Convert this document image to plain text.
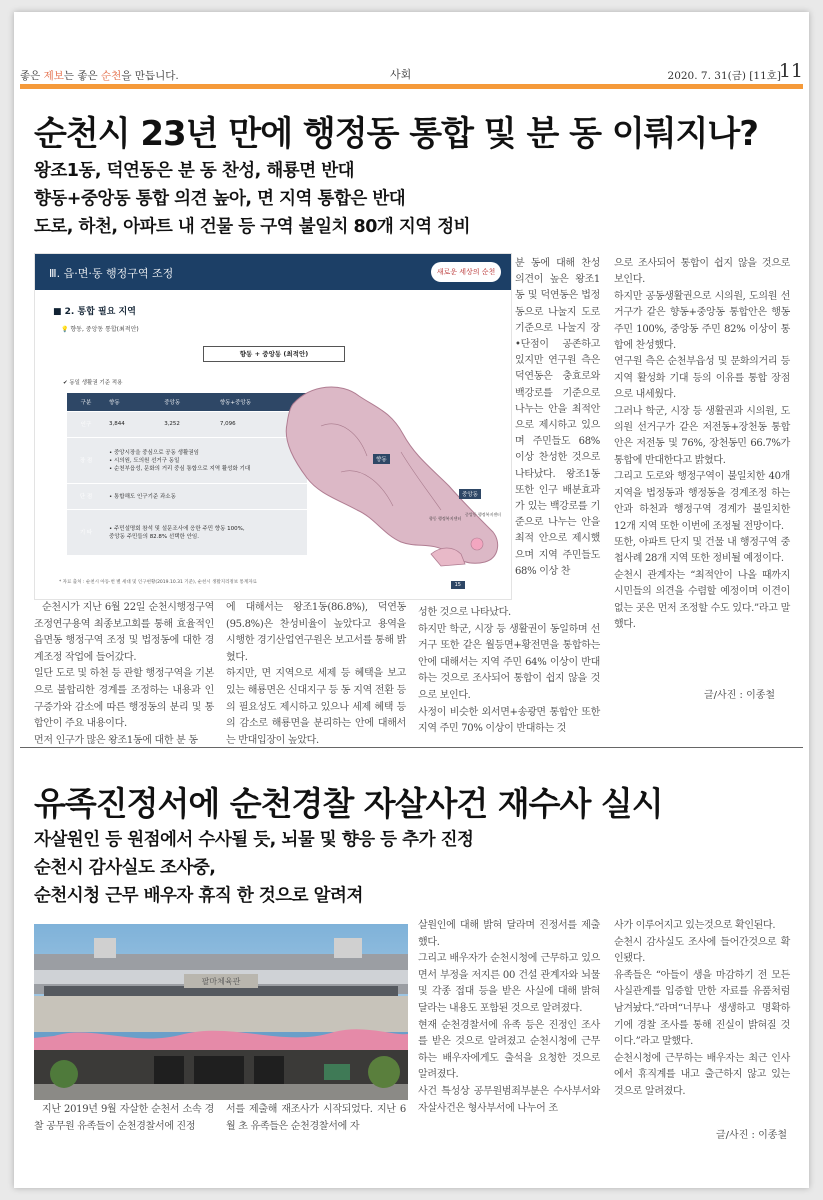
좋은 제보는 좋은 순천을 만듭니다.	사회	2020. 7. 31(금) [11호]
11
순천시 23년 만에 행정동 통합 및 분 동 이뤄지나?
왕조1동, 덕연동은 분 동 찬성, 해룡면 반대
향동+중앙동 통합 의견 높아, 면 지역 통합은 반대
도로, 하천, 아파트 내 건물 등 구역 불일치 80개 지역 정비
Ⅲ. 읍·면·동 행정구역 조정	새로운 세상의 순천
■ 2. 통합 필요 지역
💡 향동, 중앙동 통합(최적안)
향동 + 중앙동 (최적안)
✔ 동일 생활권 기준 적용
구분	향동	중앙동	향동+중앙동
인구	3,844	3,252	7,096
장 점	• 중앙시장을 중심으로 공동 생활권임
• 시의원, 도의원 선거구 동일
• 순천부읍성, 문화의 거리 중심 통합으로 지역 활성화 기대		

단 점	• 통합해도 인구기준 과소동		
기 타	• 주민설명회 참석 및 설문조사에 응한 주민 향동 100%,
중앙동 주민들의 82.8% 선택한 안임.		
향동
중앙동
향동 행정복지센터
중앙동 행정복지센터
* 자료 출처 : 순천시 아동·번 별 세대 및 인구현황(2019.10.31 기준), 순천시 생활지리정보 통계자료	15
분 동에 대해 찬성 의견이 높은 왕조1동 및 덕연동은 법정동으로 나눌지 도로 기준으로 나눌지 장•단점이 공존하고 있지만 연구원 측은 덕연동은 충효로와 백강로를 기준으로 나누는 안을 최적안으로 제시하고 있으며 주민들도 68% 이상 찬성한 것으로 나타났다. 왕조1동 또한 인구 배분효과가 있는 백강로를 기준으로 나누는 안을 최적 안으로 제시했으며 지역 주민들도 68% 이상 찬

순천시가 지난 6월 22일 순천시행정구역 조정연구용역 최종보고회를 통해 효율적인 읍면동 행정구역 조정 및 법정동에 대한 경계조정 작업에 들어갔다.

일단 도로 및 하천 등 관할 행정구역을 기본으로 불합리한 경계를 조정하는 내용과 인구증가와 감소에 따른 행정동의 분리 및 통합안이 주요 내용이다.

먼저 인구가 많은 왕조1동에 대한 분 동

에 대해서는 왕조1동(86.8%), 덕연동(95.8%)은 찬성비율이 높았다고 용역을 시행한 경기산업연구원은 보고서를 통해 밝혔다.

하지만, 면 지역으로 세제 등 혜택을 보고 있는 해룡면은 신대지구 등 동 지역 전환 등의 필요성도 제시하고 있으나 세제 혜택 등의 감소로 해룡면을 분리하는 안에 대해서는 반대입장이 높았다.

성한 것으로 나타났다.

하지만 학군, 시장 등 생활권이 동일하며 선거구 또한 같은 월등면+황전면을 통합하는 안에 대해서는 지역 주민 64% 이상이 반대하는 것으로 조사되어 통합이 쉽지 않을 것으로 보인다.

사정이 비슷한 외서면+송광면 통합안 또한 지역 주민 70% 이상이 반대하는 것

으로 조사되어 통합이 쉽지 않을 것으로 보인다.

하지만 공동생활권으로 시의원, 도의원 선거구가 같은 향동+중앙동 통합안은 행동 주민 100%, 중앙동 주민 82% 이상이 통합에 찬성했다.

연구원 측은 순천부읍성 및 문화의거리 등 지역 활성화 기대 등의 이유를 통합 장점으로 내세웠다.

그러나 학군, 시장 등 생활권과 시의원, 도의원 선거구가 같은 저전동+장천동 통합안은 저전동 및 76%, 장천동민 66.7%가 통합에 반대한다고 밝혔다.

그리고 도로와 행정구역이 불일치한 40개 지역을 법정동과 행정동을 경계조정 하는 안과 하천과 행정구역 경계가 불일치한 12개 지역 또한 이번에 조정될 전망이다.

또한, 아파트 단지 및 건물 내 행정구역 중첩사례 28개 지역 또한 정비될 예정이다.

순천시 관계자는 “최적안이 나올 때까지 시민들의 의견을 수렴할 예정이며 이견이 없는 곳은 먼저 조정할 수도 있다.”라고 말했다.

글/사진 : 이종철
유족진정서에 순천경찰 자살사건 재수사 실시
자살원인 등 원점에서 수사될 듯, 뇌물 및 향응 등 추가 진정
순천시 감사실도 조사중,
순천시청 근무 배우자 휴직 한 것으로 알려져
팔마체육관

지난 2019년 9월 자살한 순천서 소속 경찰 공무원 유족들이 순천경찰서에 진정

서를 제출해 재조사가 시작되었다. 지난 6월 초 유족들은 순천경찰서에 자

살원인에 대해 밝혀 달라며 진정서를 제출했다.

그리고 배우자가 순천시청에 근무하고 있으면서 부정을 저지른 00 건설 관계자와 뇌물 및 각종 접대 등을 받은 사실에 대해 밝혀 달라는 내용도 포함된 것으로 알려졌다.

현재 순천경찰서에 유족 등은 진정인 조사를 받은 것으로 알려졌고 순천시청에 근무하는 배우자에게도 출석을 요청한 것으로 알려졌다.

사건 특성상 공무원범죄부분은 수사부서와 자살사건은 형사부서에 나누어 조

사가 이루어지고 있는것으로 확인된다.

순천시 감사실도 조사에 들어간것으로 확인됐다.

유족들은 “아들이 생을 마감하기 전 모든 사실관계를 입증할 만한 자료를 유품처럼 남겨놨다.”라며“너무나 생생하고 명확하기에 경찰 조사를 통해 진실이 밝혀질 것이다.”라고 말했다.

순천시청에 근무하는 배우자는 최근 인사에서 휴직계를 내고 출근하지 않고 있는 것으로 알려졌다.

글/사진 : 이종철
